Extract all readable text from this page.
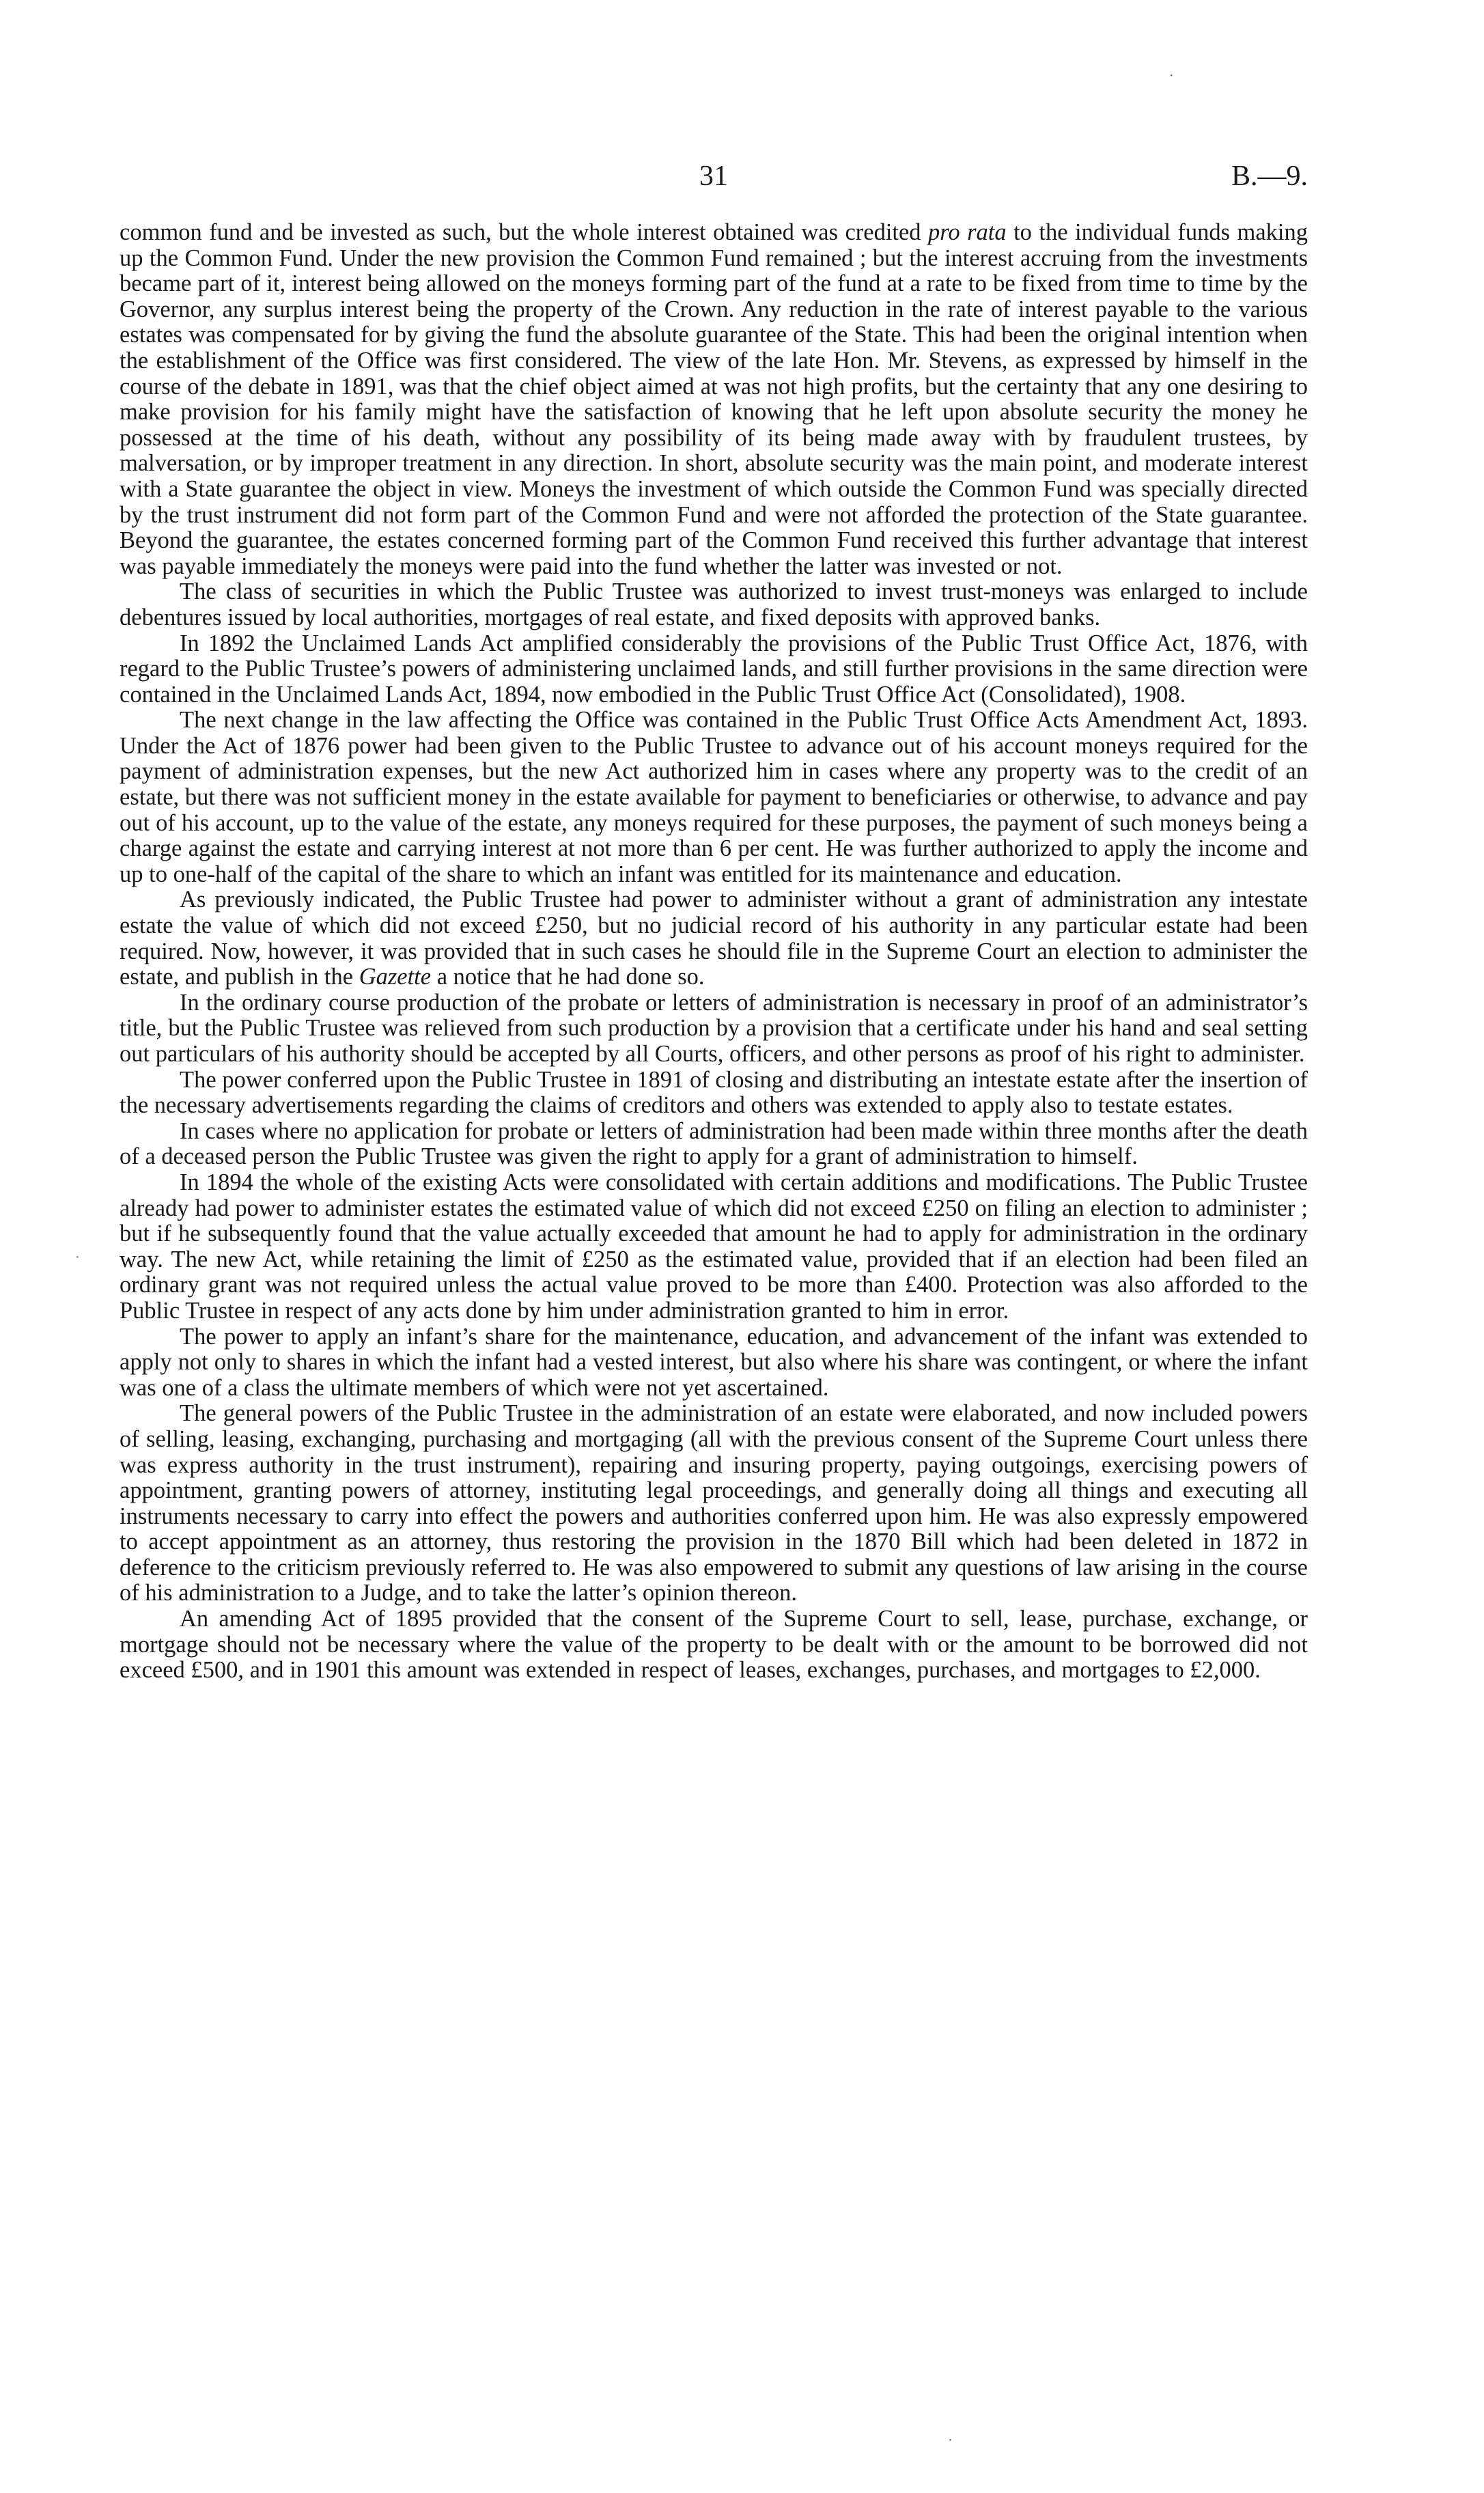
31	B.—9.

common fund and be invested as such, but the whole interest obtained was credited pro rata to the individual funds making up the Common Fund. Under the new provision the Common Fund remained ; but the interest accruing from the investments became part of it, interest being allowed on the moneys forming part of the fund at a rate to be fixed from time to time by the Governor, any surplus interest being the property of the Crown. Any reduction in the rate of interest payable to the various estates was compensated for by giving the fund the absolute guarantee of the State. This had been the original intention when the establishment of the Office was first considered. The view of the late Hon. Mr. Stevens, as expressed by himself in the course of the debate in 1891, was that the chief object aimed at was not high profits, but the certainty that any one desiring to make provision for his family might have the satisfaction of knowing that he left upon absolute security the money he possessed at the time of his death, without any possibility of its being made away with by fraudulent trustees, by malversation, or by improper treatment in any direction. In short, absolute security was the main point, and moderate interest with a State guarantee the object in view. Moneys the investment of which outside the Common Fund was specially directed by the trust instrument did not form part of the Common Fund and were not afforded the protection of the State guarantee. Beyond the guarantee, the estates concerned forming part of the Common Fund received this further advantage that interest was payable immediately the moneys were paid into the fund whether the latter was invested or not.

The class of securities in which the Public Trustee was authorized to invest trust-moneys was enlarged to include debentures issued by local authorities, mortgages of real estate, and fixed deposits with approved banks.

In 1892 the Unclaimed Lands Act amplified considerably the provisions of the Public Trust Office Act, 1876, with regard to the Public Trustee’s powers of administering unclaimed lands, and still further provisions in the same direction were contained in the Unclaimed Lands Act, 1894, now embodied in the Public Trust Office Act (Consolidated), 1908.

The next change in the law affecting the Office was contained in the Public Trust Office Acts Amendment Act, 1893. Under the Act of 1876 power had been given to the Public Trustee to advance out of his account moneys required for the payment of administration expenses, but the new Act authorized him in cases where any property was to the credit of an estate, but there was not sufficient money in the estate available for payment to beneficiaries or otherwise, to advance and pay out of his account, up to the value of the estate, any moneys required for these purposes, the payment of such moneys being a charge against the estate and carrying interest at not more than 6 per cent. He was further authorized to apply the income and up to one-half of the capital of the share to which an infant was entitled for its maintenance and education.

As previously indicated, the Public Trustee had power to administer without a grant of administration any intestate estate the value of which did not exceed £250, but no judicial record of his authority in any particular estate had been required. Now, however, it was provided that in such cases he should file in the Supreme Court an election to administer the estate, and publish in the Gazette a notice that he had done so.

In the ordinary course production of the probate or letters of administration is necessary in proof of an administrator’s title, but the Public Trustee was relieved from such production by a provision that a certificate under his hand and seal setting out particulars of his authority should be accepted by all Courts, officers, and other persons as proof of his right to administer.

The power conferred upon the Public Trustee in 1891 of closing and distributing an intestate estate after the insertion of the necessary advertisements regarding the claims of creditors and others was extended to apply also to testate estates.

In cases where no application for probate or letters of administration had been made within three months after the death of a deceased person the Public Trustee was given the right to apply for a grant of administration to himself.

In 1894 the whole of the existing Acts were consolidated with certain additions and modifications. The Public Trustee already had power to administer estates the estimated value of which did not exceed £250 on filing an election to administer ; but if he subsequently found that the value actually exceeded that amount he had to apply for administration in the ordinary way. The new Act, while retaining the limit of £250 as the estimated value, provided that if an election had been filed an ordinary grant was not required unless the actual value proved to be more than £400. Protection was also afforded to the Public Trustee in respect of any acts done by him under administration granted to him in error.

The power to apply an infant’s share for the maintenance, education, and advancement of the infant was extended to apply not only to shares in which the infant had a vested interest, but also where his share was contingent, or where the infant was one of a class the ultimate members of which were not yet ascertained.

The general powers of the Public Trustee in the administration of an estate were elaborated, and now included powers of selling, leasing, exchanging, purchasing and mortgaging (all with the previous consent of the Supreme Court unless there was express authority in the trust instrument), repairing and insuring property, paying outgoings, exercising powers of appointment, granting powers of attorney, instituting legal proceedings, and generally doing all things and executing all instruments necessary to carry into effect the powers and authorities conferred upon him. He was also expressly empowered to accept appointment as an attorney, thus restoring the provision in the 1870 Bill which had been deleted in 1872 in deference to the criticism previously referred to. He was also empowered to submit any questions of law arising in the course of his administration to a Judge, and to take the latter’s opinion thereon.

An amending Act of 1895 provided that the consent of the Supreme Court to sell, lease, purchase, exchange, or mortgage should not be necessary where the value of the property to be dealt with or the amount to be borrowed did not exceed £500, and in 1901 this amount was extended in respect of leases, exchanges, purchases, and mortgages to £2,000.

·
·
·
